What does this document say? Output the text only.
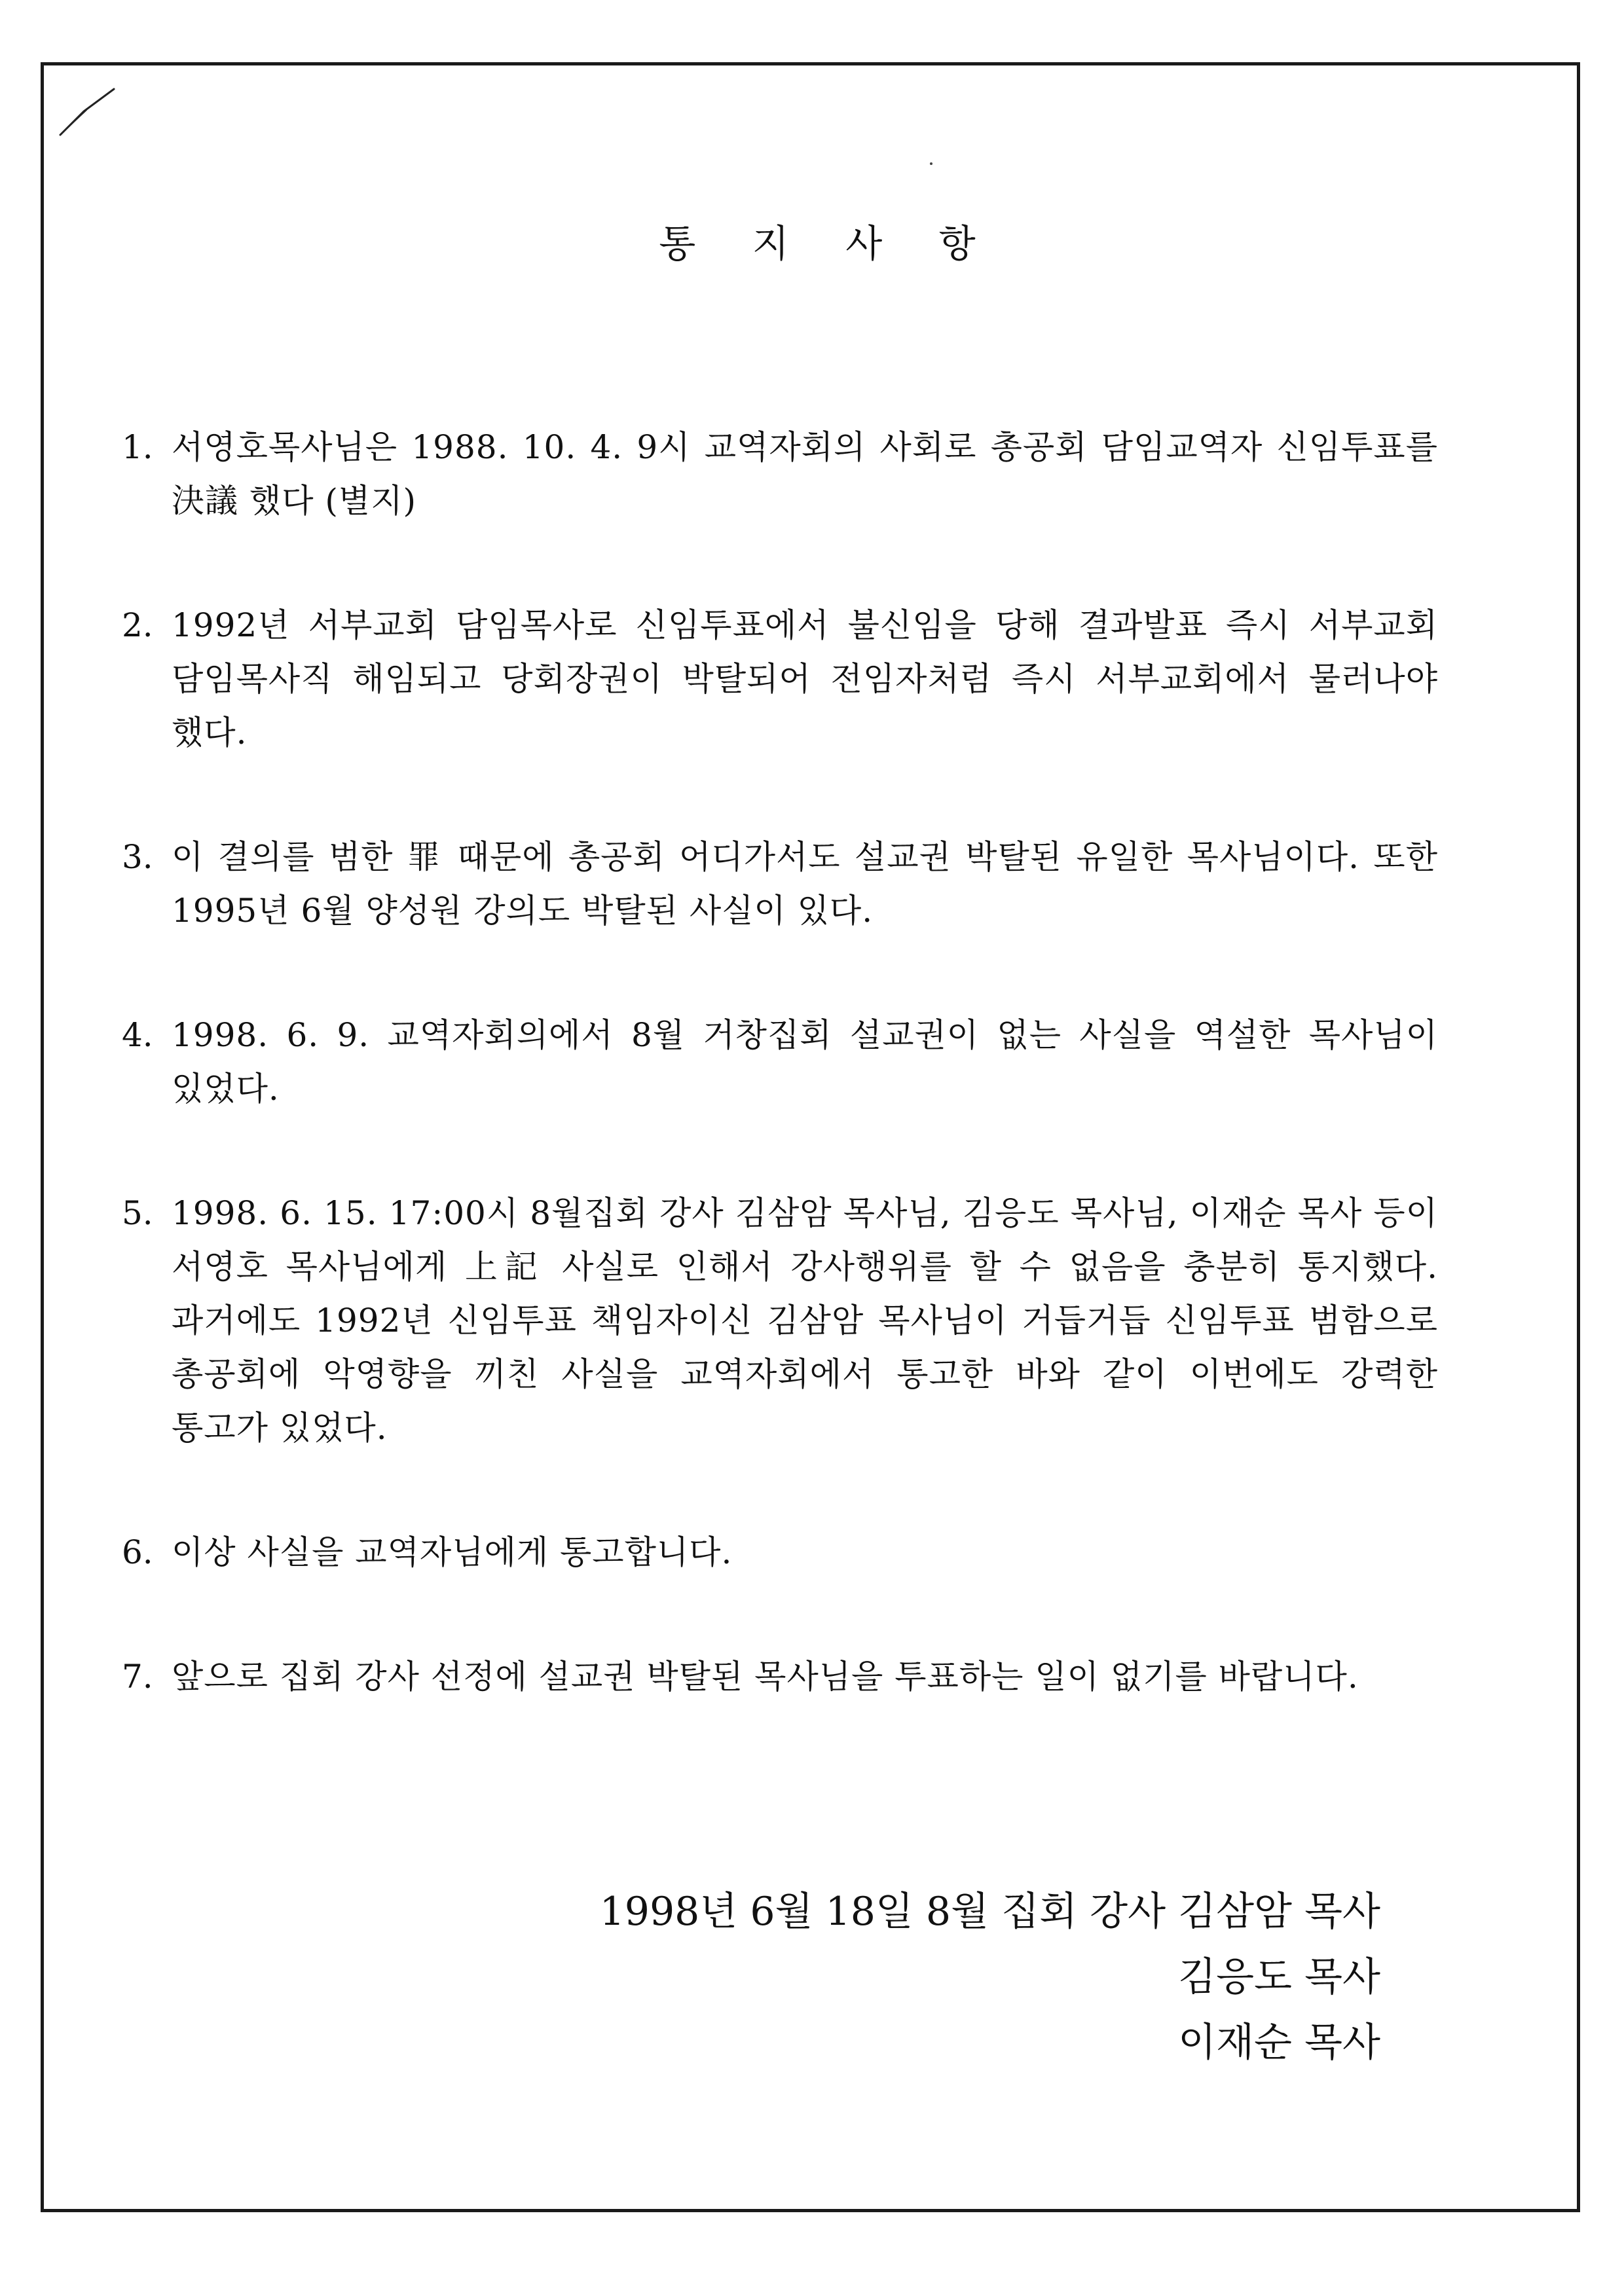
통 지 사 항
1. 서영호목사님은 1988. 10. 4. 9시 교역자회의 사회로 총공회 담임교역자 신임투표를 決議 했다 (별지)
2. 1992년 서부교회 담임목사로 신임투표에서 불신임을 당해 결과발표 즉시 서부교회 담임목사직 해임되고 당회장권이 박탈되어 전임자처럼 즉시 서부교회에서 물러나야 했다.
3. 이 결의를 범한 罪 때문에 총공회 어디가서도 설교권 박탈된 유일한 목사님이다. 또한 1995년 6월 양성원 강의도 박탈된 사실이 있다.
4. 1998. 6. 9. 교역자회의에서 8월 거창집회 설교권이 없는 사실을 역설한 목사님이 있었다.
5. 1998. 6. 15. 17:00시 8월집회 강사 김삼암 목사님, 김응도 목사님, 이재순 목사 등이 서영호 목사님에게 上記 사실로 인해서 강사행위를 할 수 없음을 충분히 통지했다. 과거에도 1992년 신임투표 책임자이신 김삼암 목사님이 거듭거듭 신임투표 범함으로 총공회에 악영향을 끼친 사실을 교역자회에서 통고한 바와 같이 이번에도 강력한 통고가 있었다.
6. 이상 사실을 교역자님에게 통고합니다.
7. 앞으로 집회 강사 선정에 설교권 박탈된 목사님을 투표하는 일이 없기를 바랍니다.
1998년 6월 18일 8월 집회 강사 김삼암 목사
김응도 목사
이재순 목사
